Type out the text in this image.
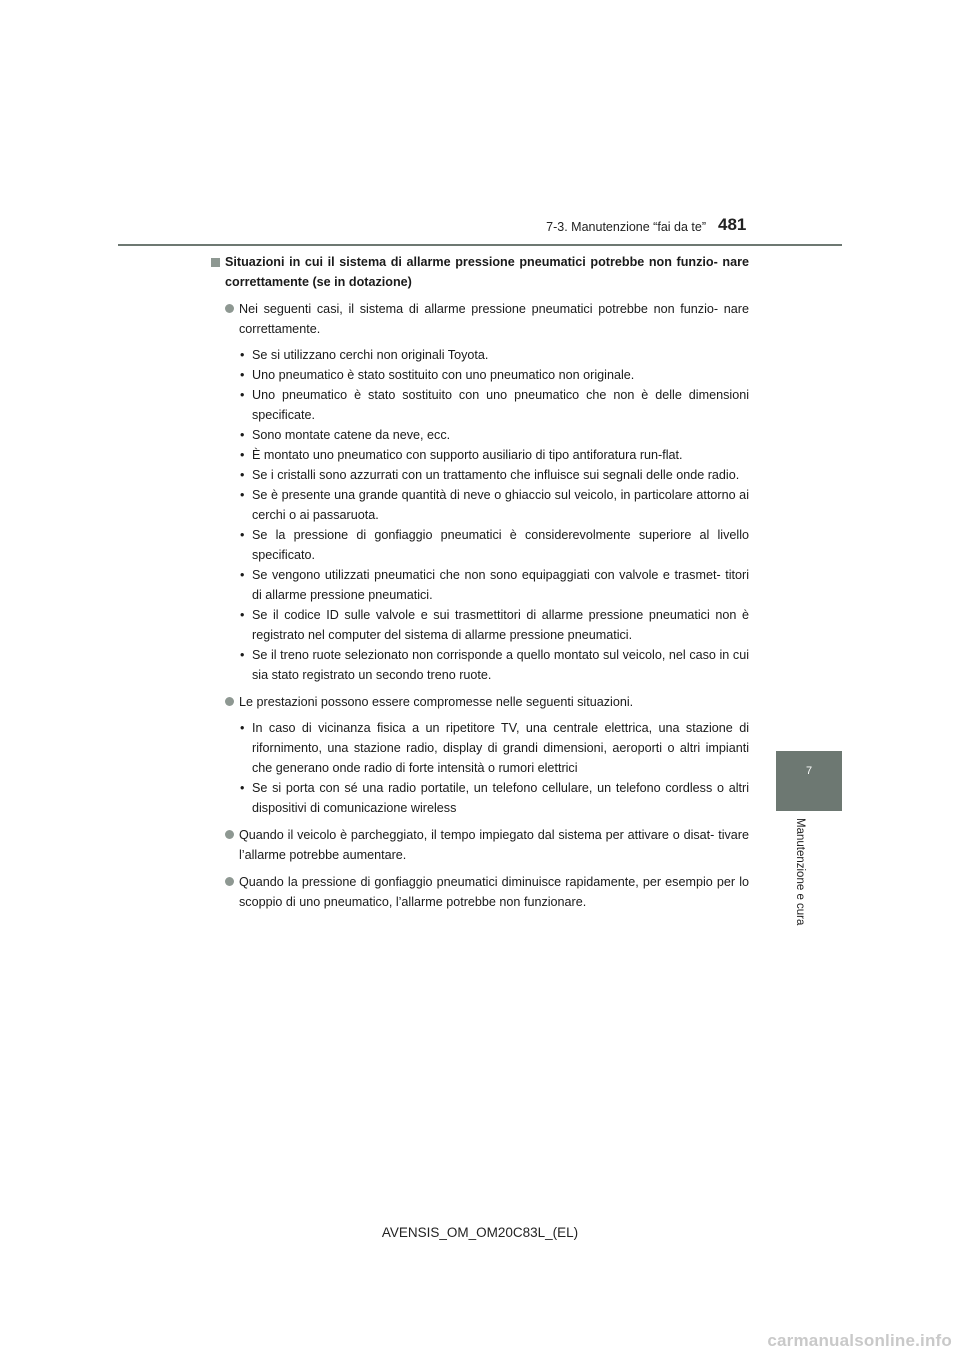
7-3. Manutenzione “fai da te” 481
7
Manutenzione e cura
Situazioni in cui il sistema di allarme pressione pneumatici potrebbe non funzio- nare correttamente (se in dotazione)
Nei seguenti casi, il sistema di allarme pressione pneumatici potrebbe non funzio- nare correttamente.
• Se si utilizzano cerchi non originali Toyota.
• Uno pneumatico è stato sostituito con uno pneumatico non originale.
• Uno pneumatico è stato sostituito con uno pneumatico che non è delle dimensioni specificate.
• Sono montate catene da neve, ecc.
• È montato uno pneumatico con supporto ausiliario di tipo antiforatura run-flat.
• Se i cristalli sono azzurrati con un trattamento che influisce sui segnali delle onde radio.
• Se è presente una grande quantità di neve o ghiaccio sul veicolo, in particolare attorno ai cerchi o ai passaruota.
• Se la pressione di gonfiaggio pneumatici è considerevolmente superiore al livello specificato.
• Se vengono utilizzati pneumatici che non sono equipaggiati con valvole e trasmet- titori di allarme pressione pneumatici.
• Se il codice ID sulle valvole e sui trasmettitori di allarme pressione pneumatici non è registrato nel computer del sistema di allarme pressione pneumatici.
• Se il treno ruote selezionato non corrisponde a quello montato sul veicolo, nel caso in cui sia stato registrato un secondo treno ruote.
Le prestazioni possono essere compromesse nelle seguenti situazioni.
• In caso di vicinanza fisica a un ripetitore TV, una centrale elettrica, una stazione di rifornimento, una stazione radio, display di grandi dimensioni, aeroporti o altri impianti che generano onde radio di forte intensità o rumori elettrici
• Se si porta con sé una radio portatile, un telefono cellulare, un telefono cordless o altri dispositivi di comunicazione wireless
Quando il veicolo è parcheggiato, il tempo impiegato dal sistema per attivare o disat- tivare l’allarme potrebbe aumentare.
Quando la pressione di gonfiaggio pneumatici diminuisce rapidamente, per esempio per lo scoppio di uno pneumatico, l’allarme potrebbe non funzionare.
AVENSIS_OM_OM20C83L_(EL)
carmanualsonline.info
